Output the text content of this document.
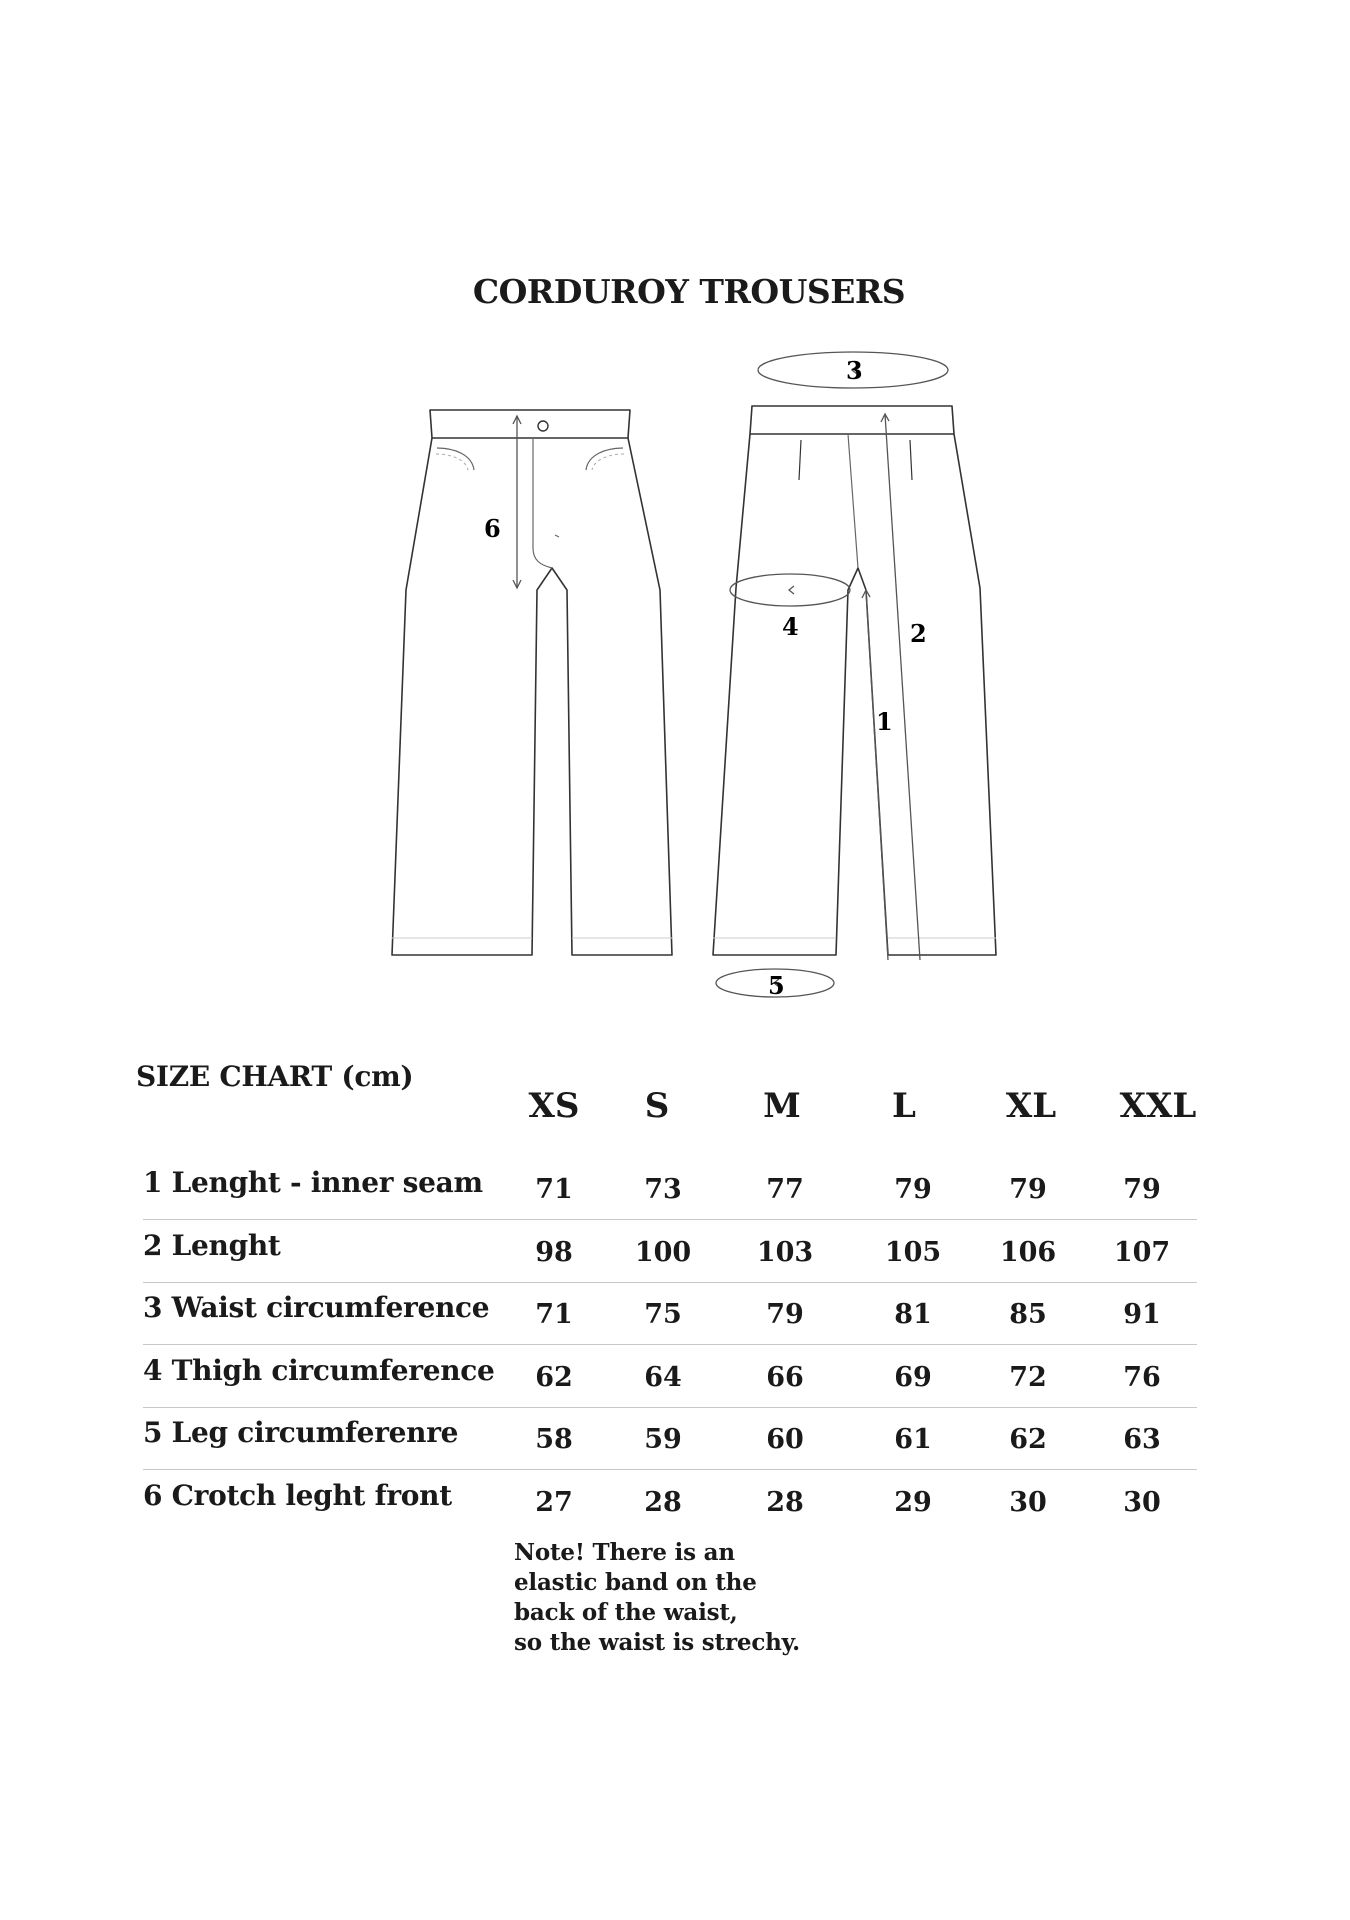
CORDUROY TROUSERS
6
3
4	2
1
5
SIZE CHART (cm)
XS	S	M	L	XL	XXL
1 Lenght - inner seam	71	73	77	79	79	79
2 Lenght	98	100	103	105	106	107
3 Waist circumference	71	75	79	81	85	91
4 Thigh circumference	62	64	66	69	72	76
5 Leg circumferenre	58	59	60	61	62	63
6 Crotch leght front	27	28	28	29	30	30
Note! There is an
elastic band on the
back of the waist,
so the waist is strechy.
